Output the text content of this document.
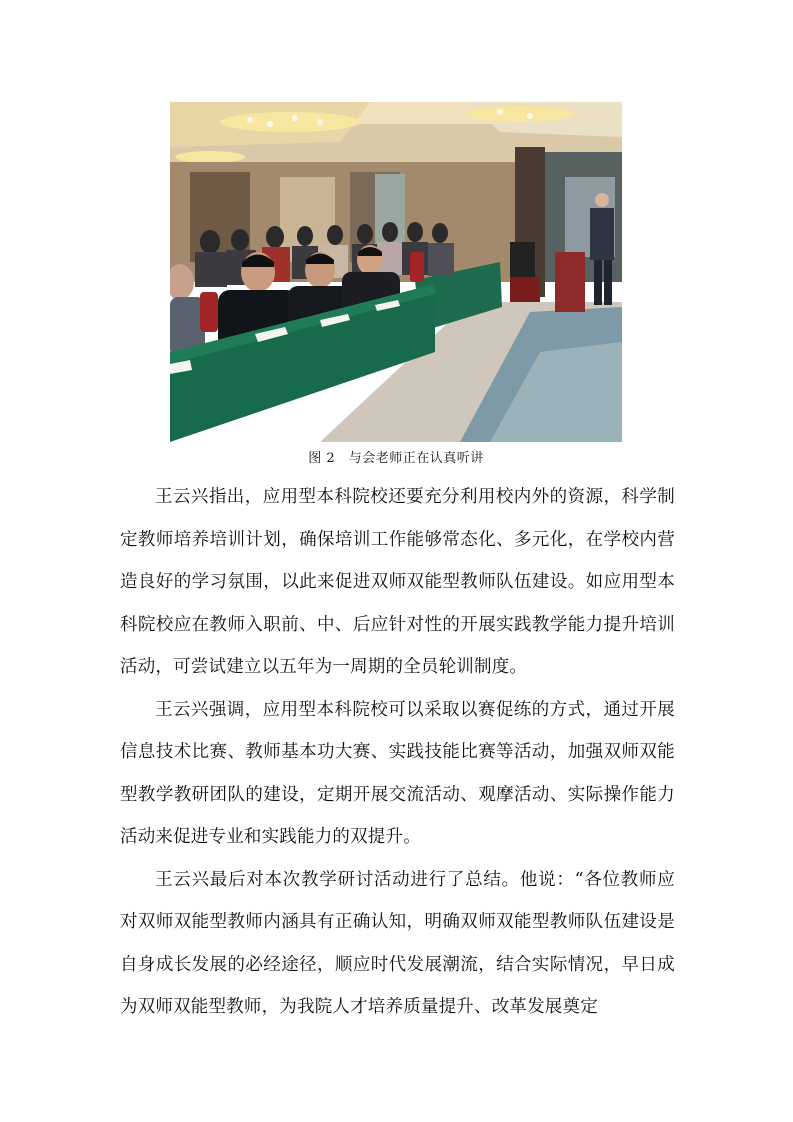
图 2　与会老师正在认真听讲

王云兴指出，应用型本科院校还要充分利用校内外的资源，科学制定教师培养培训计划，确保培训工作能够常态化、多元化，在学校内营造良好的学习氛围，以此来促进双师双能型教师队伍建设。如应用型本科院校应在教师入职前、中、后应针对性的开展实践教学能力提升培训活动，可尝试建立以五年为一周期的全员轮训制度。

王云兴强调，应用型本科院校可以采取以赛促练的方式，通过开展信息技术比赛、教师基本功大赛、实践技能比赛等活动，加强双师双能型教学教研团队的建设，定期开展交流活动、观摩活动、实际操作能力活动来促进专业和实践能力的双提升。

王云兴最后对本次教学研讨活动进行了总结。他说：“各位教师应对双师双能型教师内涵具有正确认知，明确双师双能型教师队伍建设是自身成长发展的必经途径，顺应时代发展潮流，结合实际情况，早日成为双师双能型教师，为我院人才培养质量提升、改革发展奠定
